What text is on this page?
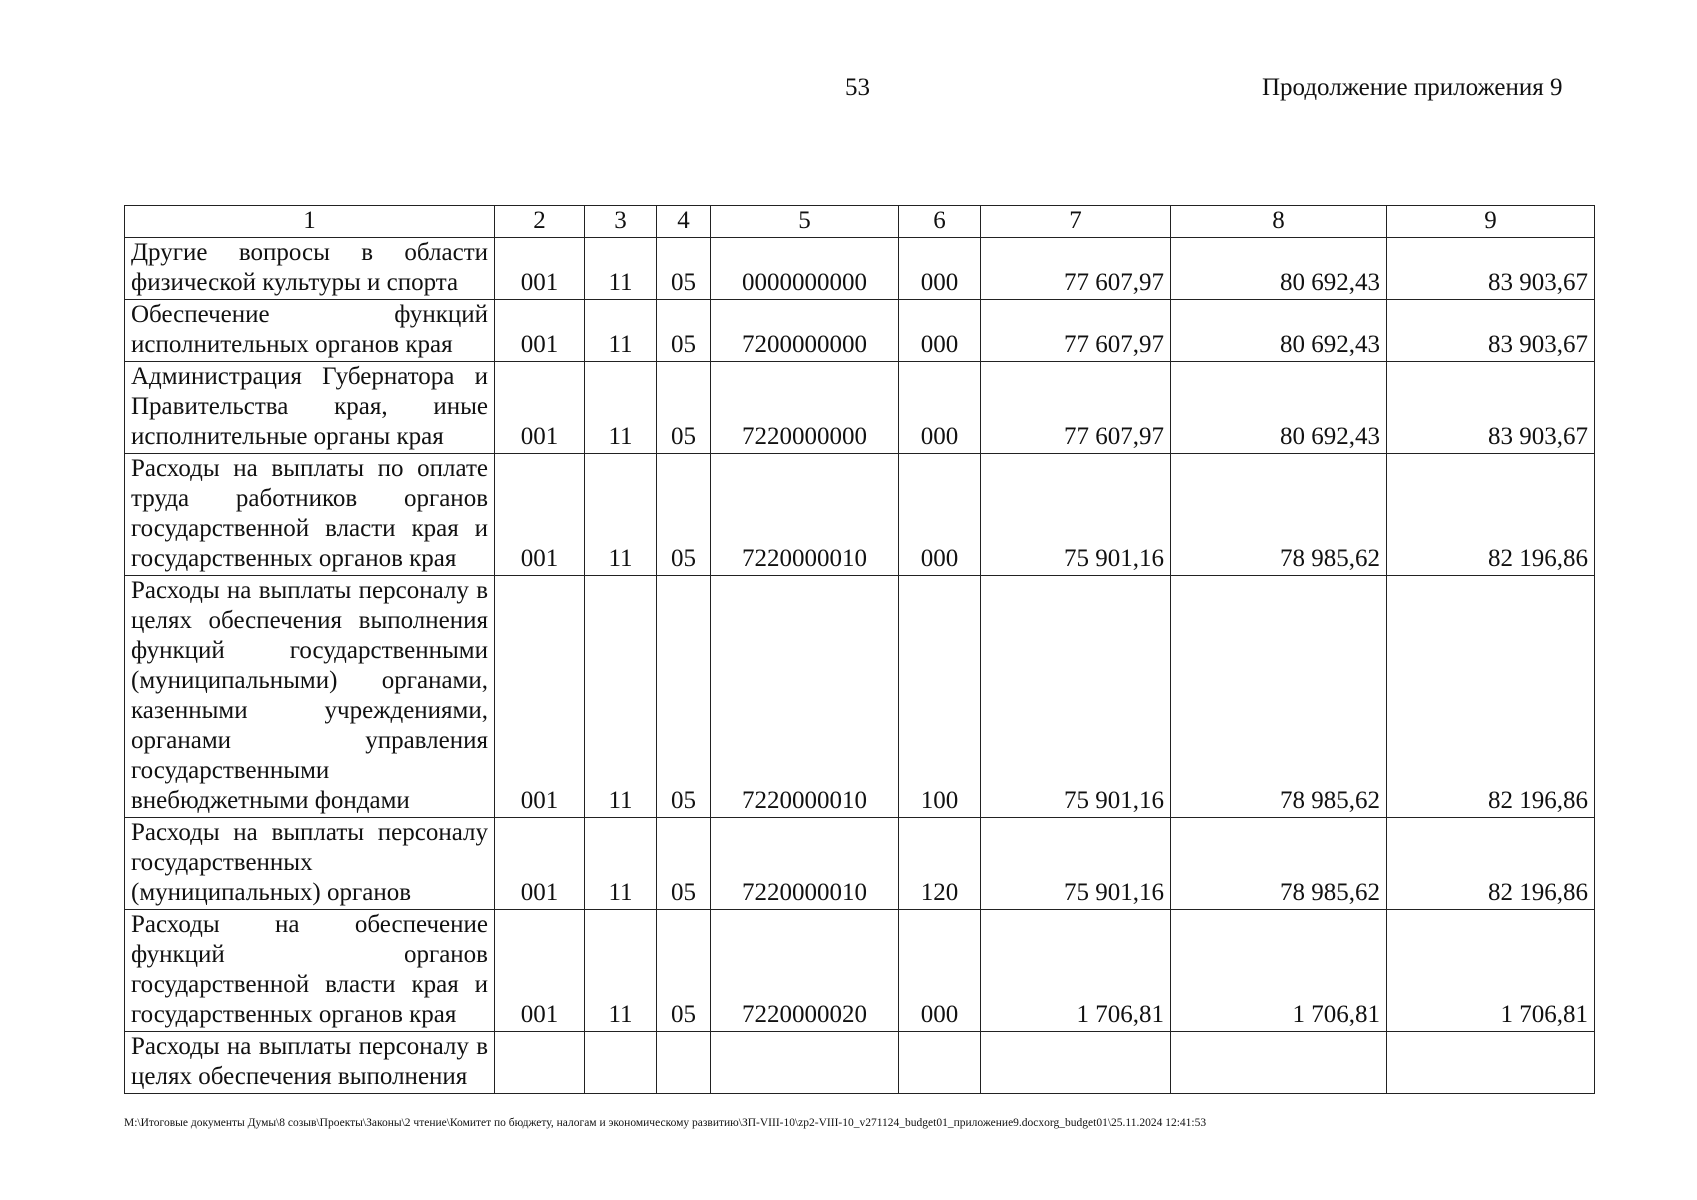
53	Продолжение приложения 9
1	2	3	4	5	6	7	8	9
Другие вопросы в области физической культуры и спорта	001	11	05	0000000000	000	77 607,97	80 692,43	83 903,67
Обеспечение функций исполнительных органов края	001	11	05	7200000000	000	77 607,97	80 692,43	83 903,67
Администрация Губернатора и Правительства края, иные исполнительные органы края	001	11	05	7220000000	000	77 607,97	80 692,43	83 903,67
Расходы на выплаты по оплате труда работников органов государственной власти края и государственных органов края	001	11	05	7220000010	000	75 901,16	78 985,62	82 196,86
Расходы на выплаты персоналу в целях обеспечения выполнения функций государственными (муниципальными) органами, казенными учреждениями, органами управления государственными внебюджетными фондами	001	11	05	7220000010	100	75 901,16	78 985,62	82 196,86
Расходы на выплаты персоналу государственных (муниципальных) органов	001	11	05	7220000010	120	75 901,16	78 985,62	82 196,86
Расходы на обеспечение функций органов государственной власти края и государственных органов края	001	11	05	7220000020	000	1 706,81	1 706,81	1 706,81
Расходы на выплаты персоналу в целях обеспечения выполнения								
M:\Итоговые документы Думы\8 созыв\Проекты\Законы\2 чтение\Комитет по бюджету, налогам и экономическому развитию\ЗП-VIII-10\zp2-VIII-10_v271124_budget01_приложение9.docxorg_budget01\25.11.2024 12:41:53
